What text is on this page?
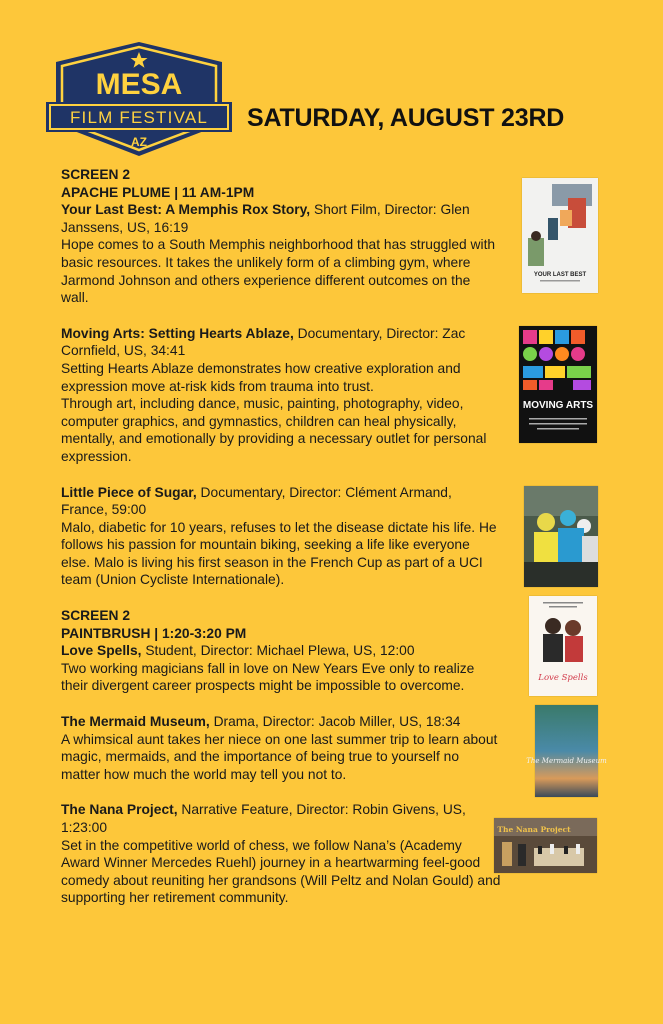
MESA
FILM FESTIVAL
AZ
SATURDAY, AUGUST 23RD
SCREEN 2
APACHE PLUME | 11 AM-1PM

Your Last Best: A Memphis Rox Story, Short Film, Director: Glen Janssens, US, 16:19

Hope comes to a South Memphis neighborhood that has struggled with basic resources. It takes the unlikely form of a climbing gym, where Jarmond Johnson and others experience different outcomes on the wall.

Moving Arts: Setting Hearts Ablaze, Documentary, Director: Zac Cornfield, US, 34:41

Setting Hearts Ablaze demonstrates how creative exploration and expression move at-risk kids from trauma into trust.

Through art, including dance, music, painting, photography, video, computer graphics, and gymnastics, children can heal physically, mentally, and emotionally by providing a necessary outlet for personal expression.

Little Piece of Sugar, Documentary, Director: Clément Armand, France, 59:00

Malo, diabetic for 10 years, refuses to let the disease dictate his life. He follows his passion for mountain biking, seeking a life like everyone else. Malo is living his first season in the French Cup as part of a UCI team (Union Cycliste Internationale).

SCREEN 2
PAINTBRUSH | 1:20-3:20 PM

Love Spells, Student, Director: Michael Plewa, US, 12:00

Two working magicians fall in love on New Years Eve only to realize their divergent career prospects might be impossible to overcome.

The Mermaid Museum, Drama, Director: Jacob Miller, US, 18:34

A whimsical aunt takes her niece on one last summer trip to learn about magic, mermaids, and the importance of being true to yourself no matter how much the world may tell you not to.

The Nana Project, Narrative Feature, Director: Robin Givens, US, 1:23:00

Set in the competitive world of chess, we follow Nana’s (Academy Award Winner Mercedes Ruehl) journey in a heartwarming feel-good comedy about reuniting her grandsons (Will Peltz and Nolan Gould) and supporting her retirement community.

YOUR LAST BEST
MOVING ARTS
Love Spells
The Mermaid Museum
The Nana Project
